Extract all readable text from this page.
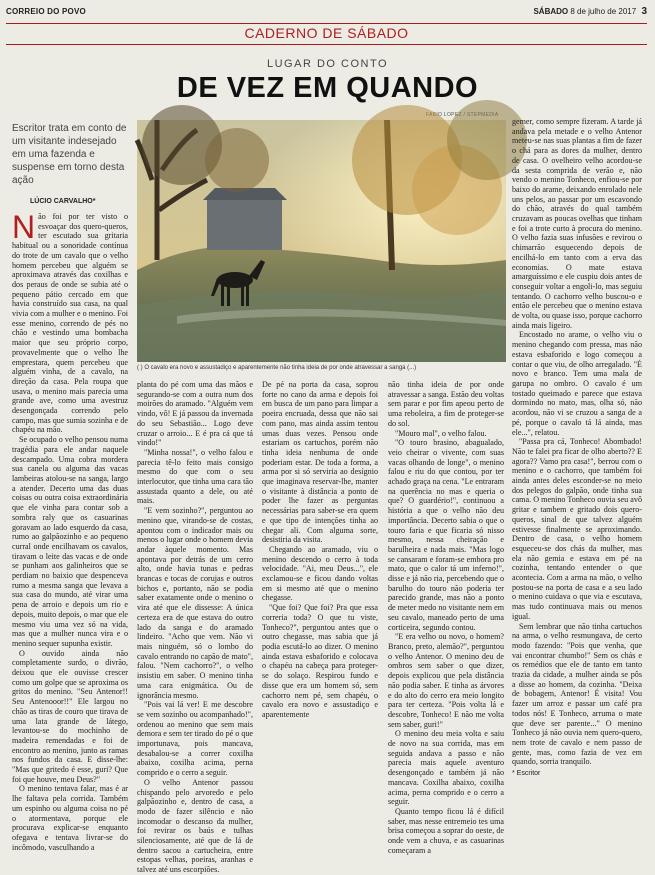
CORREIO DO POVO	SÁBADO 8 de julho de 2017 3
CADERNO DE SÁBADO
LUGAR DO CONTO
DE VEZ EM QUANDO
LOPEZ
( ) O cavalo era novo e assustadiço e aparentemente não tinha ideia de por onde atravessar a sanga (...)
Escritor trata em conto de um visitante indesejado em uma fazenda e suspense em torno desta ação
LÚCIO CARVALHO*

Não foi por ter visto o esvoaçar dos quero-queros, ter escutado sua gritaria habitual ou a sonoridade contínua do trote de um cavalo que o velho homem percebeu que alguém se aproximava através das coxilhas e dos peraus de onde se subia até o pequeno pátio cercado em que havia construído sua casa, na qual vivia com a mulher e o menino. Foi esse menino, correndo de pés no chão e vestindo uma bombacha maior que seu próprio corpo, provavelmente que o velho lhe emprestara, quem percebeu que alguém vinha, de a cavalo, na direção da casa. Pela roupa que usava, o menino mais parecia uma grande ave, como uma avestruz desengonçada correndo pelo campo, mas que sumia sozinha e de chapéu na mão.

Se ocupado o velho pensou numa tragédia para ele andar naquele descampado. Uma cobra mordera sua canela ou alguma das vacas lambeiras atolou-se na sanga, largo a atender. Decerto uma das duas coisas ou outra coisa extraordinária que ele vinha para contar sob a sombra raly que os casuarinas goravam ao lado esquerdo da casa, rumo ao galpãozinho e ao pequeno curral onde encilhavam os cavalos, tiravam o leite das vacas e de onde se punham aos galinheiros que se perdiam no baixio que despenceva rumo a mesma sanga que levava a sua casa do mundo, até virar uma pena de arroio e depois um rio e depois, muito depois, o mar que ele mesmo viu uma vez só na vida, mas que a mulher nunca vira e o menino sequer supunha existir.

O ouvido ainda não completamente surdo, o divrão, deixou que ele ouvisse crescer como um golpe que se aproxima os gritos do menino. "Seu Antenor!! Seu Antenooor!!" Ele largou no chão as tiras de couro que tirava de uma lata grande de látego, levantou-se do mochinho de madeira remendadas e foi de encontro ao menino, junto as ramas nos fundos da casa. E disse-lhe: "Mas que gritedo é esse, guri? Que foi que houve, meu Deus?"

O menino tentava falar, mas é ar lhe faltava pela corrida. Também um espinho ou alguma coisa no pé o atormentava, porque ele procurava explicar-se enquanto ofegava e tentava livrar-se do incômodo, vasculhando a

planta do pé com uma das mãos e segurando-se com a outra num dos moirões do aramado. "Alguém vem vindo, vô! E já passou da invernada do seu Sebastião... Logo deve cruzar o arroio... E é pra cá que tá vindo!"

"Minha nossa!", o velho falou e parecia tê-lo feito mais consigo mesmo do que com o seu interlocutor, que tinha uma cara tão assustada quanto a dele, ou até mais.

"E vem sozinho?", perguntou ao menino que, virando-se de costas, apontou com o indicador mais ou menos o lugar onde o homem devia andar àquele momento. Mas apontava por detrás de um cerro alto, onde havia tunas e pedras brancas e tocas de corujas e outros bichos e, portanto, não se podia saber exatamente onde o menino o vira até que ele dissesse: A única certeza era de que estava do outro lado da sanga e do aramado lindeiro. "Acho que vem. Não vi mais ninguém, só o lombo do cavalo entrando no capão de mato", falou. "Nem cachorro?", o velho insistiu em saber. O menino tinha uma cara enigmática. Ou de ignorância mesmo.

"Pois vai lá ver! E me descobre se vem sozinho ou acompanhado!", ordenou ao menino que sem mais demora e sem ter tirado do pé o que importunava, pois mancava, desabalou-se a correr coxilha abaixo, coxilha acima, perna comprido e o cerro a seguir.

O velho Antenor passou chispando pelo arvoredo e pelo galpãozinho e, dentro de casa, a modo de fazer silêncio e não incomodar o descanso da mulher, foi revirar os baús e tulhas silenciosamente, até que de lá de dentro sacou a cartucheira, entre estopas velhas, poeiras, aranhas e talvez até uns escorpiões.

De pé na porta da casa, soprou forte no cano da arma e depois foi em busca de um pano para limpar a poeira encruada, dessa que não sai com pano, mas ainda assim tentou umas duas vezes. Pensou onde estariam os cartuchos, porém não tinha ideia nenhuma de onde poderiam estar. De toda a forma, a arma por si só serviria ao desígnio que imaginava reservar-lhe, manter o visitante à distância a ponto de poder lhe fazer as perguntas necessárias para saber-se era quem e que tipo de intenções tinha ao chegar ali. Com alguma sorte, desistiria da visita.

Chegando ao aramado, viu o menino descendo o cerro à toda velocidade. "Ai, meu Deus...", ele exclamou-se e ficou dando voltas em si mesmo até que o menino chegasse.

"Que foi? Que foi? Pra que essa correria toda? O que tu viste, Tonheco?", perguntou antes que o outro chegasse, mas sabia que já podia escutá-lo ao dizer. O menino ainda estava esbaforido e colocava o chapéu na cabeça para proteger-se do solaço. Respirou fundo e disse que era um homem só, sem cachorro nem pé, sem chapéu, o cavalo era novo e assustadiço e aparentemente

não tinha ideia de por onde atravessar a sanga. Estão deu voltas sem parar e por fim apeou perto de uma reboleira, a fim de proteger-se do sol.

"Mouro mal", o velho falou.

"O touro brasino, abagualado, veio cheirar o vivente, com suas vacas olhando de longe", o menino falou e riu do que contou, por ter achado graça na cena. "Le entraram na querência no mas e queria o que? O guardério!", continuou a história a que o velho não deu importância. Decerto sabia o que o touro faria e que ficaria só nisso mesmo, nessa cheiração e barulheira e nada mais. "Mas logo se cansaram e foram-se embora pro mato, que o calor tá um inferno!", disse e já não ria, percebendo que o barulho do touro não poderia ter parecido grande, mas não a ponto de meter medo no visitante nem em seu cavalo, maneado perto de uma corticeira, segundo contou.

"E era velho ou novo, o homem? Branco, preto, alemão?", perguntou o velho Antenor. O menino deu de ombros sem saber o que dizer, depois explicou que pela distância não podia saber. E tinha as árvores e do alto do cerro era meio longito para ter certeza. "Pois volta lá e descobre, Tonheco! E não me volta sem saber, guri!"

O menino deu meia volta e saiu de novo na sua corrida, mas em seguida andava a passo e não parecia mais aquele aventuro desengonçado e também já não mancava. Coxilha abaixo, coxilha acima, perna comprido e o cerro a seguir.

Quanto tempo ficou lá é difícil saber, mas nesse entremeio tes uma brisa começou a soprar do oeste, de onde vem a chuva, e as casuarinas começaram a

gemer, como sempre fizeram. A tarde já andava pela metade e o velho Antenor meteu-se nas suas plantas a fim de fazer o chá para as dores da mulher, dentro de casa. O ovelheiro velho acordou-se da sesta comprida de verão e, não vendo o menino Tonheco, enfiou-se por baixo do arame, deixando enrolado nele uns pelos, ao passar por um escavondo do chão, através do qual também cruzavam as poucas ovelhas que tinham e foi a trote curto à procura do menino. O velho fazia suas infusões e revirou o chimarrão esquecendo depois de encilhá-lo em tanto com a erva das economias. O mate estava amarguíssimo e ele cuspiu dois antes de conseguir voltar a engoli-lo, mas seguiu tentando. O cachorro velho buscou-o e então ele percebeu que o menino estava de volta, ou quase isso, porque cachorro ainda mais ligeiro.

Encostado no arame, o velho viu o menino chegando com pressa, mas não estava esbaforido e logo começou a contar o que viu, de olho arregalado. "É novo e branco. Tem uma mala de garupa no ombro. O cavalo é um tostado queimado e parece que estava dormindo no mato, mas, olha só, não acordou, não vi se cruzou a sanga de a pé, porque o cavalo tá lá ainda, mas ele...", relatou.

"Passa pra cá, Tonheco! Abombado! Não te falei pra ficar de olho aberto?? E agora?? Vamo pra casa!", berrou com o menino e o cachorro, que também foi ainda antes deles esconder-se no meio dos pelegos do galpão, onde tinha sua cama. O menino Tonheco ouvia seu avô gritar e tambem e gritado dois quero-queros, sinal de que talvez alguém estivesse finalmente se aproximando. Dentro de casa, o velho homem esqueceu-se dos chás da mulher, mas ela não gemia e estava em pé na cozinha, tentando entender o que acontecia. Com a arma na mão, o velho postou-se na porta de casa e a seu lado o menino cuidava o que via e escutava, mas tudo continuava mais ou menos igual.

Sem lembrar que não tinha cartuchos na arma, o velho resmungava, de certo modo fazendo: "Pois que venha, que vai encontrar chumbo!" Sem os chás e os remédios que ele de tanto em tanto trazia da cidade, a mulher ainda se pôs a disse ao homem, da cozinha. "Deixa de bobagem, Antenor! É visita! Vou fazer um arroz e passar um café pra todos nós! E Tonheco, arruma o mate que deve ser parente..." O menino Tonheco já não ouvia nem quero-quero, nem trote de cavalo e nem passo de gente, mas, como fazia de vez em quando, sorria tranquilo.

* Escritor
